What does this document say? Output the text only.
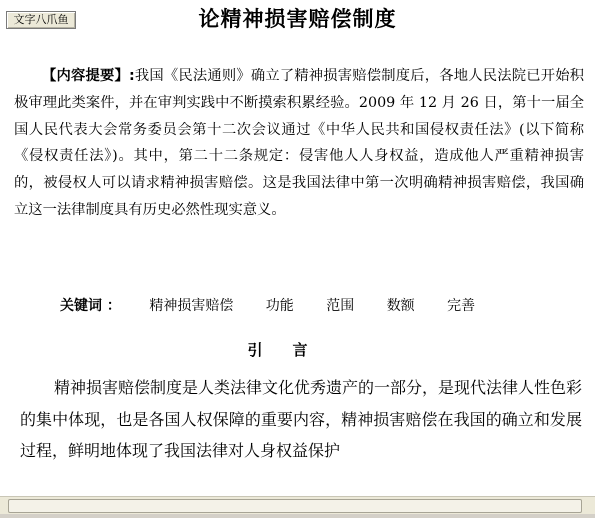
文字八爪鱼	论精神损害赔偿制度

【内容提要】:我国《民法通则》确立了精神损害赔偿制度后，各地人民法院已开始积极审理此类案件，并在审判实践中不断摸索积累经验。2009 年 12 月 26 日，第十一届全国人民代表大会常务委员会第十二次会议通过《中华人民共和国侵权责任法》(以下简称《侵权责任法》)。其中，第二十二条规定：侵害他人人身权益，造成他人严重精神损害的，被侵权人可以请求精神损害赔偿。这是我国法律中第一次明确精神损害赔偿，我国确立这一法律制度具有历史必然性现实意义。

关键词 ： 精神损害赔偿 功能 范围 数额 完善
引言

精神损害赔偿制度是人类法律文化优秀遗产的一部分，是现代法律人性色彩的集中体现，也是各国人权保障的重要内容，精神损害赔偿在我国的确立和发展过程，鲜明地体现了我国法律对人身权益保护
